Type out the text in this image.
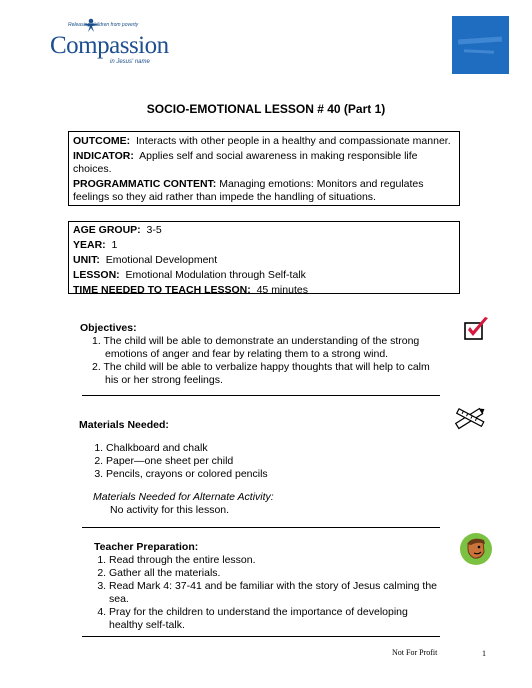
Releasing children from poverty
Compassion
in Jesus' name
SOCIO-EMOTIONAL LESSON # 40 (Part 1)

OUTCOME: Interacts with other people in a healthy and compassionate manner.

INDICATOR: Applies self and social awareness in making responsible life choices.

PROGRAMMATIC CONTENT: Managing emotions: Monitors and regulates feelings so they aid rather than impede the handling of situations.

AGE GROUP: 3-5

YEAR: 1

UNIT: Emotional Development

LESSON: Emotional Modulation through Self-talk

TIME NEEDED TO TEACH LESSON: 45 minutes

Objectives:
1. The child will be able to demonstrate an understanding of the strong emotions of anger and fear by relating them to a strong wind.
2. The child will be able to verbalize happy thoughts that will help to calm his or her strong feelings.
Materials Needed:
1. Chalkboard and chalk
2. Paper—one sheet per child
3. Pencils, crayons or colored pencils
Materials Needed for Alternate Activity:
No activity for this lesson.
Teacher Preparation:
1. Read through the entire lesson.
2. Gather all the materials.
3. Read Mark 4: 37-41 and be familiar with the story of Jesus calming the sea.
4. Pray for the children to understand the importance of developing healthy self-talk.
Not For Profit	1
